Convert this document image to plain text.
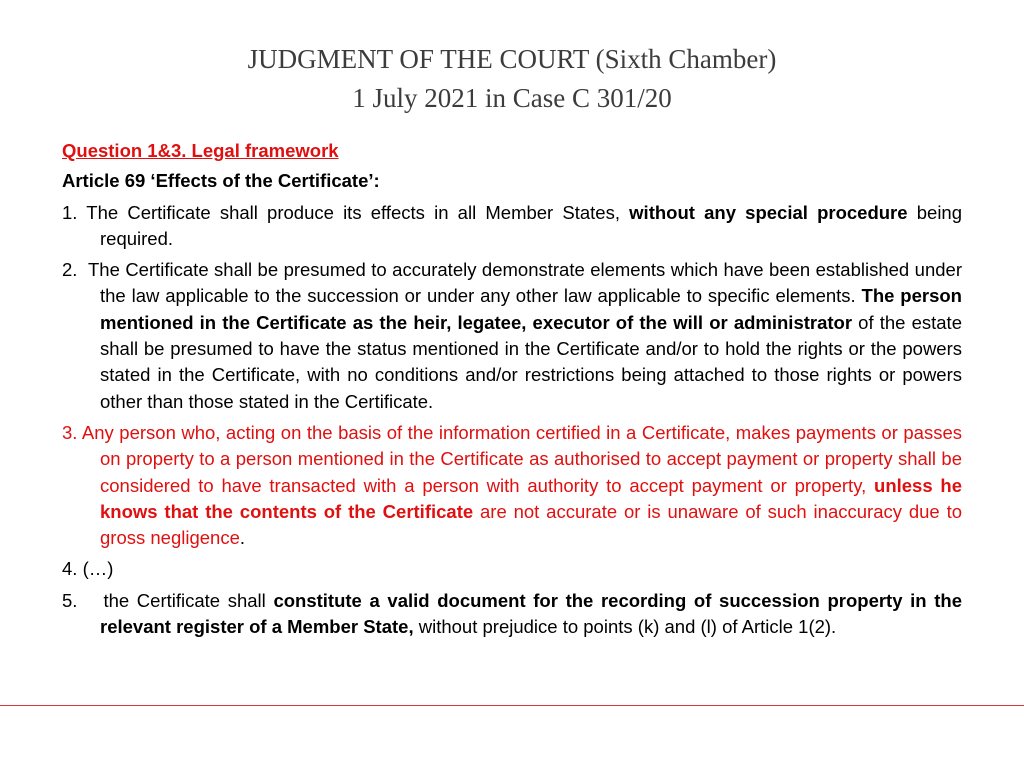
JUDGMENT OF THE COURT (Sixth Chamber)
1 July 2021 in Case C 301/20
Question 1&3. Legal framework
Article 69 ‘Effects of the Certificate’:
1. The Certificate shall produce its effects in all Member States, without any special procedure being required.
2. The Certificate shall be presumed to accurately demonstrate elements which have been established under the law applicable to the succession or under any other law applicable to specific elements. The person mentioned in the Certificate as the heir, legatee, executor of the will or administrator of the estate shall be presumed to have the status mentioned in the Certificate and/or to hold the rights or the powers stated in the Certificate, with no conditions and/or restrictions being attached to those rights or powers other than those stated in the Certificate.
3. Any person who, acting on the basis of the information certified in a Certificate, makes payments or passes on property to a person mentioned in the Certificate as authorised to accept payment or property shall be considered to have transacted with a person with authority to accept payment or property, unless he knows that the contents of the Certificate are not accurate or is unaware of such inaccuracy due to gross negligence.
4. (…)
5. the Certificate shall constitute a valid document for the recording of succession property in the relevant register of a Member State, without prejudice to points (k) and (l) of Article 1(2).
